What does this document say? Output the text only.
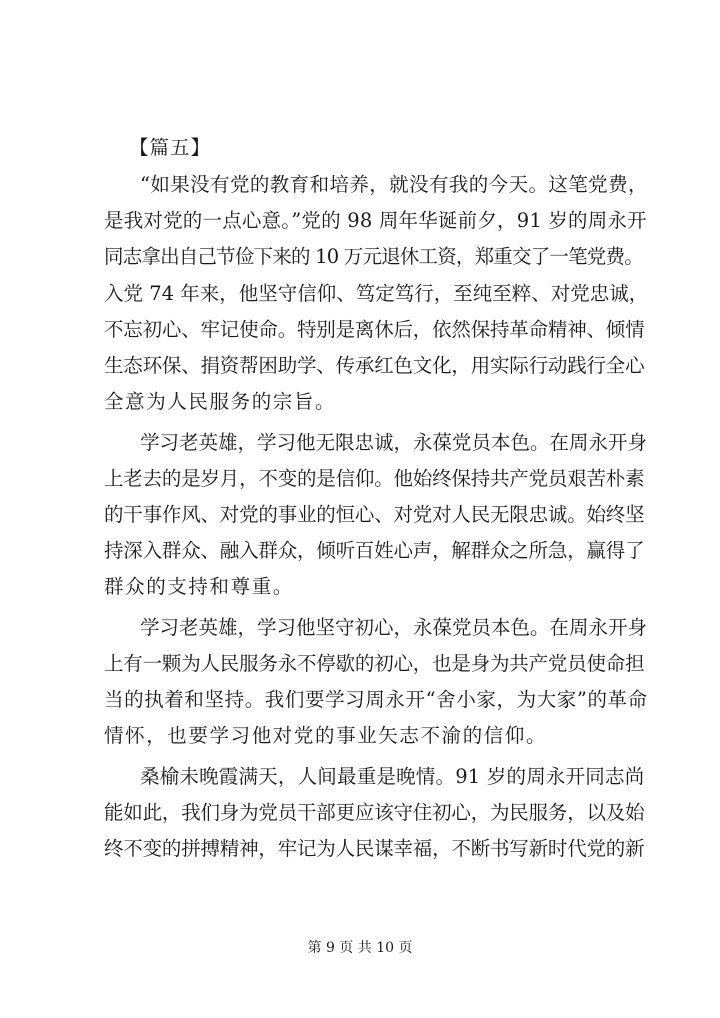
【篇五】
“如果没有党的教育和培养，就没有我的今天。这笔党费，
是我对党的一点心意。”党的 98 周年华诞前夕，91 岁的周永开
同志拿出自己节俭下来的 10 万元退休工资，郑重交了一笔党费。
入党 74 年来，他坚守信仰、笃定笃行，至纯至粹、对党忠诚，
不忘初心、牢记使命。特别是离休后，依然保持革命精神、倾情
生态环保、捐资帮困助学、传承红色文化，用实际行动践行全心
全意为人民服务的宗旨。
学习老英雄，学习他无限忠诚，永葆党员本色。在周永开身
上老去的是岁月，不变的是信仰。他始终保持共产党员艰苦朴素
的干事作风、对党的事业的恒心、对党对人民无限忠诚。始终坚
持深入群众、融入群众，倾听百姓心声，解群众之所急，赢得了
群众的支持和尊重。
学习老英雄，学习他坚守初心，永葆党员本色。在周永开身
上有一颗为人民服务永不停歇的初心，也是身为共产党员使命担
当的执着和坚持。我们要学习周永开“舍小家，为大家”的革命
情怀，也要学习他对党的事业矢志不渝的信仰。
桑榆未晚霞满天，人间最重是晚情。91 岁的周永开同志尚
能如此，我们身为党员干部更应该守住初心，为民服务，以及始
终不变的拼搏精神，牢记为人民谋幸福，不断书写新时代党的新
第 9 页 共 10 页
